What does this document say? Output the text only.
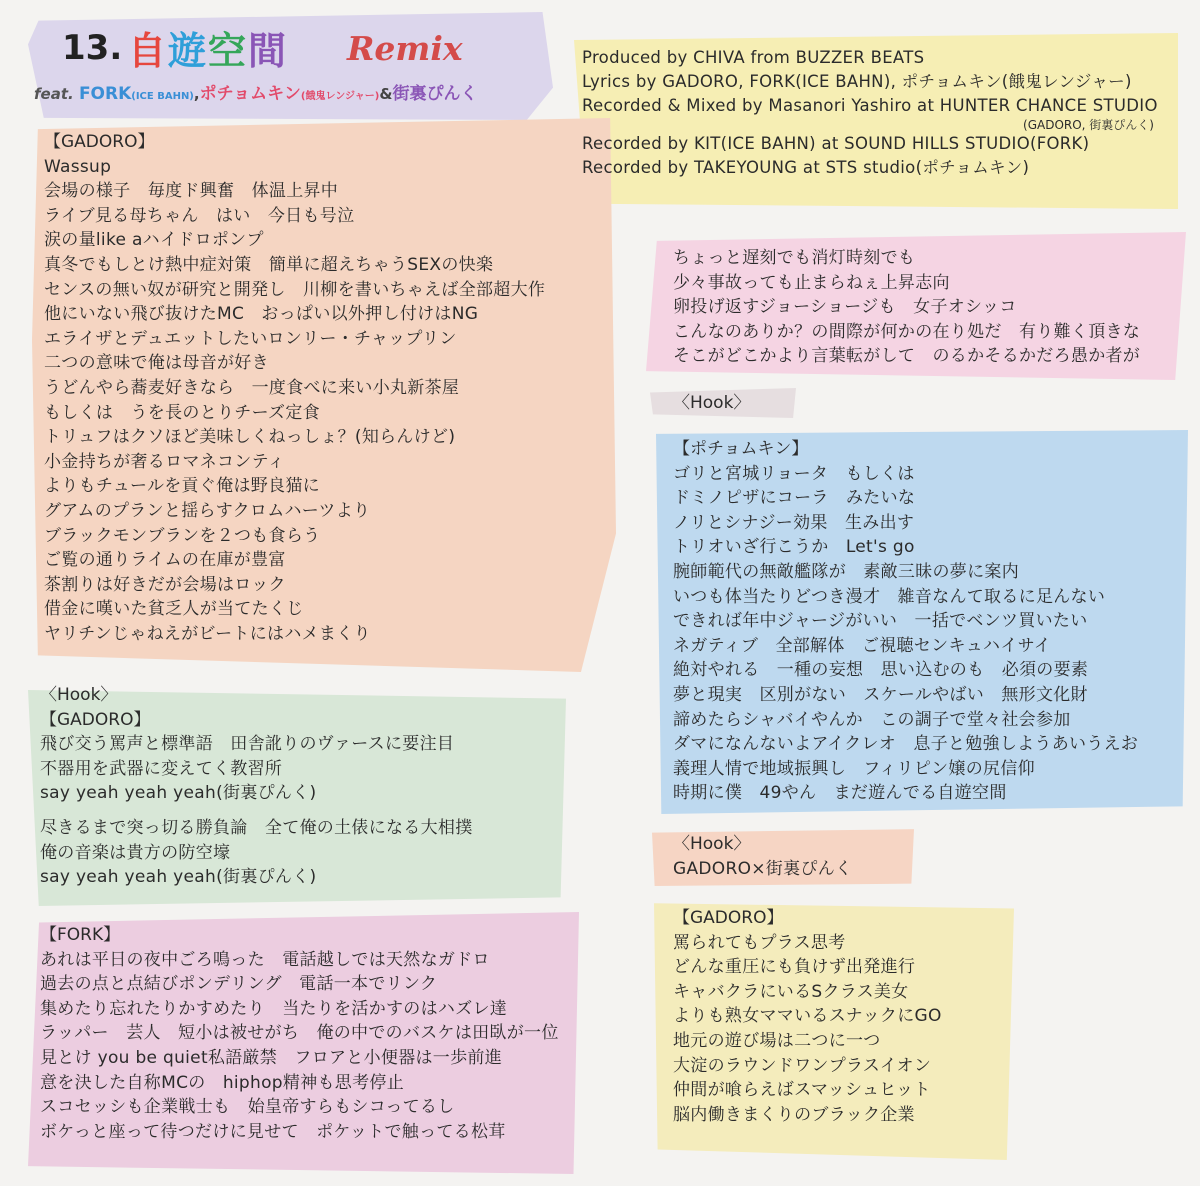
13. 自遊空間 Remix
feat. FORK(ICE BAHN),ポチョムキン(餓鬼レンジャー)&街裏ぴんく
Produced by CHIVA from BUZZER BEATS
Lyrics by GADORO, FORK(ICE BAHN), ポチョムキン(餓鬼レンジャー)
Recorded & Mixed by Masanori Yashiro at HUNTER CHANCE STUDIO
(GADORO, 街裏ぴんく)
Recorded by KIT(ICE BAHN) at SOUND HILLS STUDIO(FORK)
Recorded by TAKEYOUNG at STS studio(ポチョムキン)
【GADORO】
Wassup
会場の様子　毎度ド興奮　体温上昇中
ライブ見る母ちゃん　はい　今日も号泣
涙の量like aハイドロポンプ
真冬でもしとけ熱中症対策　簡単に超えちゃうSEXの快楽
センスの無い奴が研究と開発し　川柳を書いちゃえば全部超大作
他にいない飛び抜けたMC　おっぱい以外押し付けはNG
エライザとデュエットしたいロンリー・チャップリン
二つの意味で俺は母音が好き
うどんやら蕎麦好きなら　一度食べに来い小丸新茶屋
もしくは　うを長のとりチーズ定食
トリュフはクソほど美味しくねっしょ？(知らんけど)
小金持ちが奢るロマネコンティ
よりもチュールを貢ぐ俺は野良猫に
グアムのプランと揺らすクロムハーツより
ブラックモンブランを２つも食らう
ご覧の通りライムの在庫が豊富
茶割りは好きだが会場はロック
借金に嘆いた貧乏人が当てたくじ
ヤリチンじゃねえがビートにはハメまくり
〈Hook〉
【GADORO】
飛び交う罵声と標準語　田舎訛りのヴァースに要注目
不器用を武器に変えてく教習所
say yeah yeah yeah(街裏ぴんく)
尽きるまで突っ切る勝負論　全て俺の土俵になる大相撲
俺の音楽は貴方の防空壕
say yeah yeah yeah(街裏ぴんく)
【FORK】
あれは平日の夜中ごろ鳴った　電話越しでは天然なガドロ
過去の点と点結びポンデリング　電話一本でリンク
集めたり忘れたりかすめたり　当たりを活かすのはハズレ達
ラッパー　芸人　短小は被せがち　俺の中でのバスケは田臥が一位
見とけ you be quiet私語厳禁　フロアと小便器は一歩前進
意を決した自称MCの　hiphop精神も思考停止
スコセッシも企業戦士も　始皇帝すらもシコってるし
ボケっと座って待つだけに見せて　ポケットで触ってる松茸
ちょっと遅刻でも消灯時刻でも
少々事故っても止まらねぇ上昇志向
卵投げ返すジョーショージも　女子オシッコ
こんなのありか？の間際が何かの在り処だ　有り難く頂きな
そこがどこかより言葉転がして　のるかそるかだろ愚か者が
〈Hook〉
【ポチョムキン】
ゴリと宮城リョータ　もしくは
ドミノピザにコーラ　みたいな
ノリとシナジー効果　生み出す
トリオいざ行こうか　Let's go
腕師範代の無敵艦隊が　素敵三昧の夢に案内
いつも体当たりどつき漫才　雑音なんて取るに足んない
できれば年中ジャージがいい　一括でベンツ買いたい
ネガティブ　全部解体　ご視聴センキュハイサイ
絶対やれる　一種の妄想　思い込むのも　必須の要素
夢と現実　区別がない　スケールやばい　無形文化財
諦めたらシャバイやんか　この調子で堂々社会参加
ダマになんないよアイクレオ　息子と勉強しようあいうえお
義理人情で地域振興し　フィリピン嬢の尻信仰
時期に僕　49やん　まだ遊んでる自遊空間
〈Hook〉
GADORO×街裏ぴんく
【GADORO】
罵られてもプラス思考
どんな重圧にも負けず出発進行
キャバクラにいるSクラス美女
よりも熟女ママいるスナックにGO
地元の遊び場は二つに一つ
大淀のラウンドワンプラスイオン
仲間が喰らえばスマッシュヒット
脳内働きまくりのブラック企業
